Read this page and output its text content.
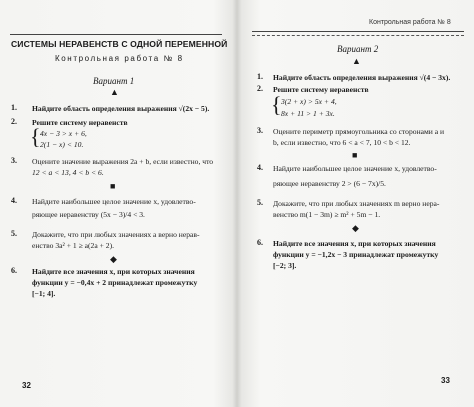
СИСТЕМЫ НЕРАВЕНСТВ С ОДНОЙ ПЕРЕМЕННОЙ
Контрольная работа № 8
Вариант 1
▲
1. Найдите область определения выражения √(2x − 5).
2. Решите систему неравенств
{ 4x − 3 > x + 6,
2(1 − x) < 10.
3. Оцените значение выражения 2a + b, если известно, что
12 < a < 13, 4 < b < 6.
■
4. Найдите наибольшее целое значение x, удовлетво-
ряющее неравенству (5x − 3)/4 < 3.
5. Докажите, что при любых значениях a верно нерав-
енство 3a² + 1 ≥ a(2a + 2).
◆
6. Найдите все значения x, при которых значения
функции y = −0,4x + 2 принадлежат промежутку
[−1; 4].
32
Контрольная работа № 8
Вариант 2
▲
1. Найдите область определения выражения √(4 − 3x).
2. Решите систему неравенств
{ 3(2 + x) > 5x + 4,
8x + 11 > 1 + 3x.
3. Оцените периметр прямоугольника со сторонами a и
b, если известно, что 6 < a < 7, 10 < b < 12.
■
4. Найдите наибольшее целое значение x, удовлетво-
ряющее неравенству 2 > (6 − 7x)/5.
5. Докажите, что при любых значениях m верно нера-
венство m(1 − 3m) ≥ m² + 5m − 1.
◆
6. Найдите все значения x, при которых значения
функции y = −1,2x − 3 принадлежат промежутку
[−2; 3].
33
